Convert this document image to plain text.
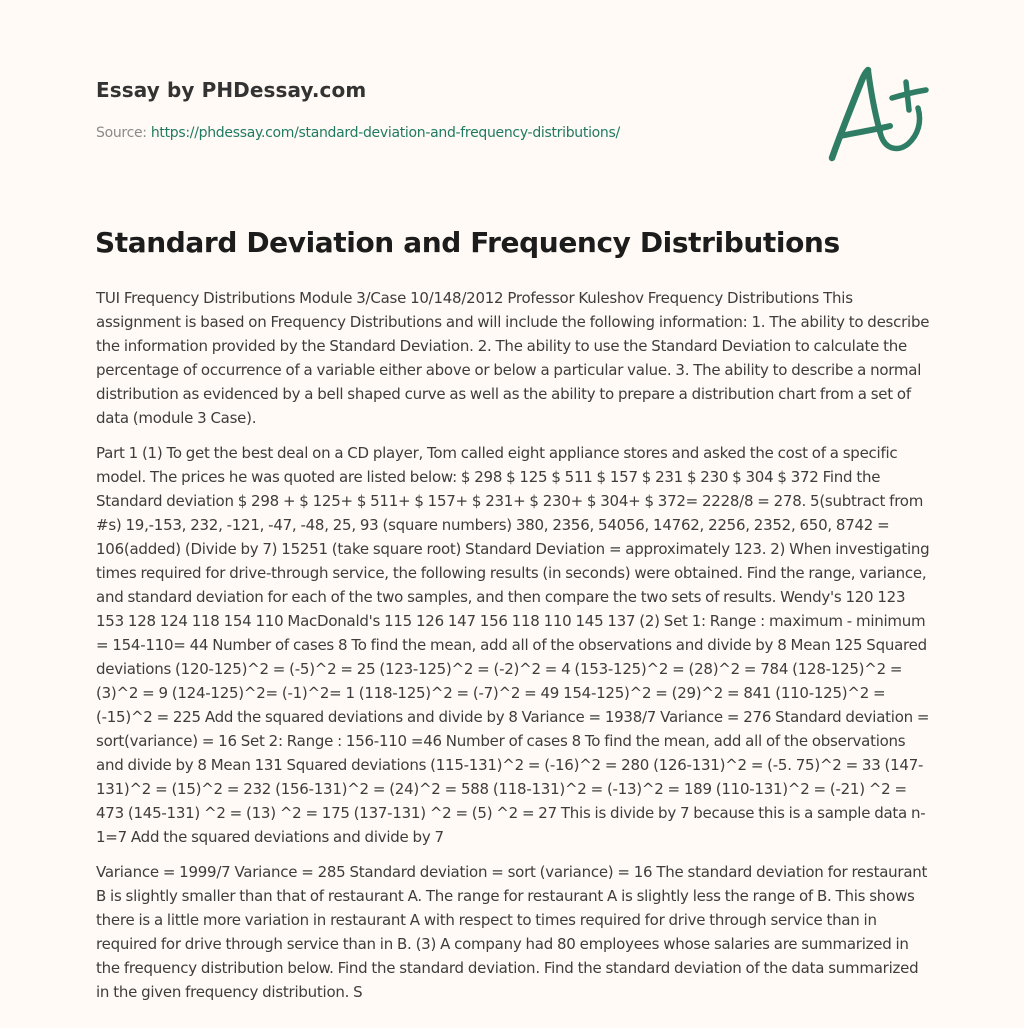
Essay by PHDessay.com
Source: https://phdessay.com/standard-deviation-and-frequency-distributions/
Standard Deviation and Frequency Distributions

TUI Frequency Distributions Module 3/Case 10/148/2012 Professor Kuleshov Frequency Distributions This assignment is based on Frequency Distributions and will include the following information: 1. The ability to describe the information provided by the Standard Deviation. 2. The ability to use the Standard Deviation to calculate the percentage of occurrence of a variable either above or below a particular value. 3. The ability to describe a normal distribution as evidenced by a bell shaped curve as well as the ability to prepare a distribution chart from a set of data (module 3 Case).

Part 1 (1) To get the best deal on a CD player, Tom called eight appliance stores and asked the cost of a specific model. The prices he was quoted are listed below: $ 298 $ 125 $ 511 $ 157 $ 231 $ 230 $ 304 $ 372 Find the Standard deviation $ 298 + $ 125+ $ 511+ $ 157+ $ 231+ $ 230+ $ 304+ $ 372= 2228/8 = 278. 5(subtract from #s) 19,-153, 232, -121, -47, -48, 25, 93 (square numbers) 380, 2356, 54056, 14762, 2256, 2352, 650, 8742 = 106(added) (Divide by 7) 15251 (take square root) Standard Deviation = approximately 123. 2) When investigating times required for drive-through service, the following results (in seconds) were obtained. Find the range, variance, and standard deviation for each of the two samples, and then compare the two sets of results. Wendy's 120 123 153 128 124 118 154 110 MacDonald's 115 126 147 156 118 110 145 137 (2) Set 1: Range : maximum - minimum = 154-110= 44 Number of cases 8 To find the mean, add all of the observations and divide by 8 Mean 125 Squared deviations (120-125)^2 = (-5)^2 = 25 (123-125)^2 = (-2)^2 = 4 (153-125)^2 = (28)^2 = 784 (128-125)^2 = (3)^2 = 9 (124-125)^2= (-1)^2= 1 (118-125)^2 = (-7)^2 = 49 154-125)^2 = (29)^2 = 841 (110-125)^2 = (-15)^2 = 225 Add the squared deviations and divide by 8 Variance = 1938/7 Variance = 276 Standard deviation = sort(variance) = 16 Set 2: Range : 156-110 =46 Number of cases 8 To find the mean, add all of the observations and divide by 8 Mean 131 Squared deviations (115-131)^2 = (-16)^2 = 280 (126-131)^2 = (-5. 75)^2 = 33 (147-131)^2 = (15)^2 = 232 (156-131)^2 = (24)^2 = 588 (118-131)^2 = (-13)^2 = 189 (110-131)^2 = (-21) ^2 = 473 (145-131) ^2 = (13) ^2 = 175 (137-131) ^2 = (5) ^2 = 27 This is divide by 7 because this is a sample data n-1=7 Add the squared deviations and divide by 7

Variance = 1999/7 Variance = 285 Standard deviation = sort (variance) = 16 The standard deviation for restaurant B is slightly smaller than that of restaurant A. The range for restaurant A is slightly less the range of B. This shows there is a little more variation in restaurant A with respect to times required for drive through service than in required for drive through service than in B. (3) A company had 80 employees whose salaries are summarized in the frequency distribution below. Find the standard deviation. Find the standard deviation of the data summarized in the given frequency distribution. S
